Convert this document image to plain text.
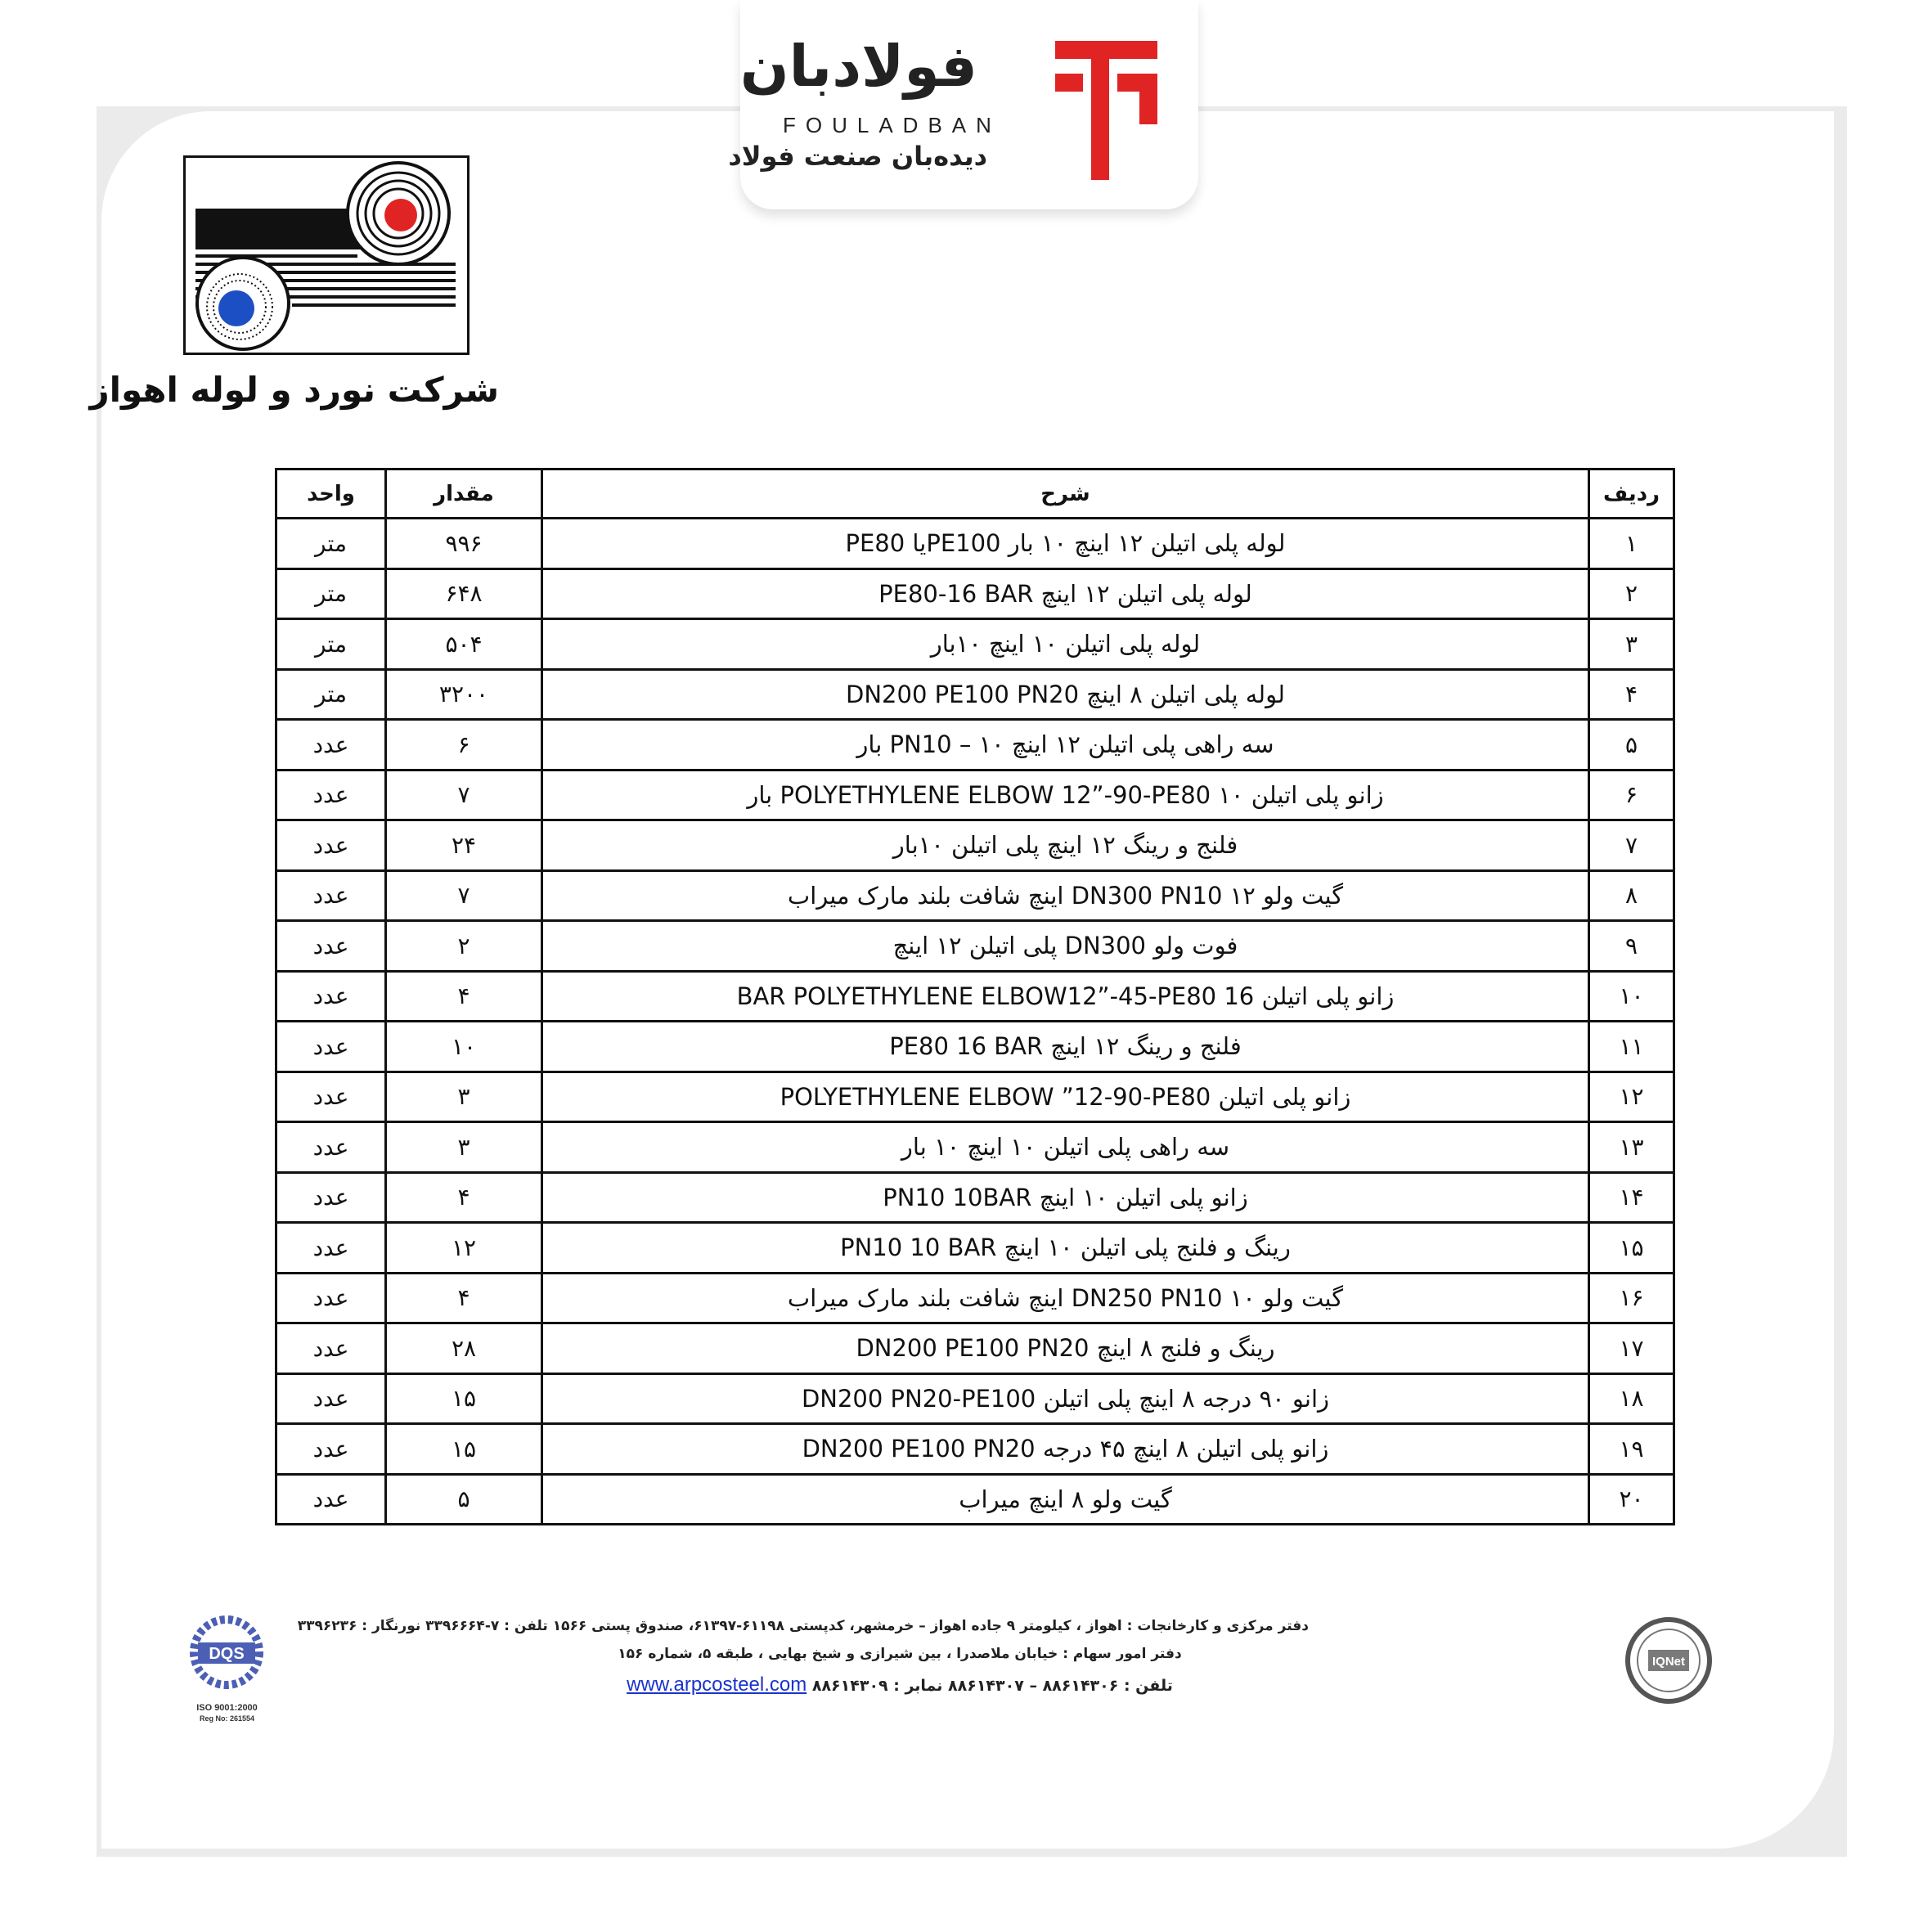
فولادبان
FOULADBAN
دیده‌بان صنعت فولاد
شرکت نورد و لوله اهواز
ردیف	شرح	مقدار	واحد
۱	لوله پلی اتیلن ۱۲ اینچ ۱۰ بار PE100یا PE80	۹۹۶	متر
۲	لوله پلی اتیلن ۱۲ اینچ PE80-16 BAR	۶۴۸	متر
۳	لوله پلی اتیلن ۱۰ اینچ ۱۰بار	۵۰۴	متر
۴	لوله پلی اتیلن ۸ اینچ DN200 PE100 PN20	۳۲۰۰	متر
۵	سه راهی پلی اتیلن ۱۲ اینچ PN10 – ۱۰ بار	۶	عدد
۶	زانو پلی اتیلن POLYETHYLENE ELBOW 12”-90-PE80 ۱۰ بار	۷	عدد
۷	فلنج و رینگ ۱۲ اینچ پلی اتیلن ۱۰بار	۲۴	عدد
۸	گیت ولو DN300 PN10 ۱۲ اینچ شافت بلند مارک میراب	۷	عدد
۹	فوت ولو DN300 پلی اتیلن ۱۲ اینچ	۲	عدد
۱۰	زانو پلی اتیلن 16 BAR POLYETHYLENE ELBOW12”-45-PE80	۴	عدد
۱۱	فلنج و رینگ ۱۲ اینچ PE80 16 BAR	۱۰	عدد
۱۲	زانو پلی اتیلن POLYETHYLENE ELBOW ”12-90-PE80	۳	عدد
۱۳	سه راهی پلی اتیلن ۱۰ اینچ ۱۰ بار	۳	عدد
۱۴	زانو پلی اتیلن ۱۰ اینچ PN10 10BAR	۴	عدد
۱۵	رینگ و فلنج پلی اتیلن ۱۰ اینچ PN10 10 BAR	۱۲	عدد
۱۶	گیت ولو DN250 PN10 ۱۰ اینچ شافت بلند مارک میراب	۴	عدد
۱۷	رینگ و فلنج ۸ اینچ DN200 PE100 PN20	۲۸	عدد
۱۸	زانو ۹۰ درجه ۸ اینچ پلی اتیلن DN200 PN20-PE100	۱۵	عدد
۱۹	زانو پلی اتیلن ۸ اینچ ۴۵ درجه DN200 PE100 PN20	۱۵	عدد
۲۰	گیت ولو ۸ اینچ میراب	۵	عدد
DQS
ISO 9001:2000
Reg No: 261554
دفتر مرکزی و کارخانجات : اهواز ، کیلومتر ۹ جاده اهواز – خرمشهر، کدپستی ۶۱۱۹۸-۶۱۳۹۷، صندوق پستی ۱۵۶۶ تلفن : ۷-۳۳۹۶۶۶۴ نورنگار : ۳۳۹۶۲۳۶
دفتر امور سهام : خیابان ملاصدرا ، بین شیرازی و شیخ بهایی ، طبقه ۵، شماره ۱۵۶
تلفن : ۸۸۶۱۴۳۰۶ – ۸۸۶۱۴۳۰۷ نمابر : ۸۸۶۱۴۳۰۹ www.arpcosteel.com
IQNet
